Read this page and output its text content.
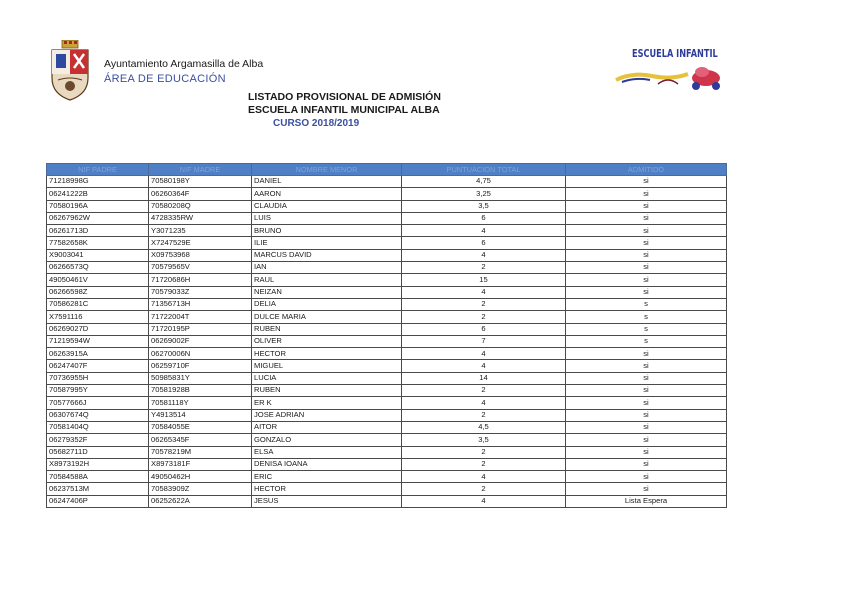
Ayuntamiento Argamasilla de Alba
ÁREA DE EDUCACIÓN
ESCUELA INFANTIL
LISTADO PROVISIONAL DE ADMISIÓN
ESCUELA INFANTIL MUNICIPAL ALBA
CURSO 2018/2019
NIF PADRE	NIF MADRE	NOMBRE MENOR	PUNTUACION TOTAL	ADMITIDO
71218998G	70580198Y	DANIEL	4,75	si
06241222B	06260364F	AARON	3,25	si
70580196A	70580208Q	CLAUDIA	3,5	si
06267962W	4728335RW	LUIS	6	si
06261713D	Y3071235	BRUNO	4	si
77582658K	X7247529E	ILIE	6	si
X9003041	X09753968	MARCUS DAVID	4	si
06266573Q	70579565V	IAN	2	si
49050461V	71720686H	RAUL	15	si
06266598Z	70579033Z	NEIZAN	4	si
70586281C	71356713H	DELIA	2	s
X7591116	71722004T	DULCE MARIA	2	s
06269027D	71720195P	RUBEN	6	s
71219594W	06269002F	OLIVER	7	s
06263915A	06270006N	HECTOR	4	si
06247407F	06259710F	MIGUEL	4	si
70736955H	50985831Y	LUCIA	14	si
70587995Y	70581928B	RUBEN	2	si
70577666J	70581118Y	ER K	4	si
06307674Q	Y4913514	JOSE ADRIAN	2	si
70581404Q	70584055E	AITOR	4,5	si
06279352F	06265345F	GONZALO	3,5	si
05682711D	70578219M	ELSA	2	si
X8973192H	X8973181F	DENISA IOANA	2	si
70584588A	49050462H	ERIC	4	si
06237513M	70583909Z	HECTOR	2	si
06247406P	06252622A	JESUS	4	Lista Espera
